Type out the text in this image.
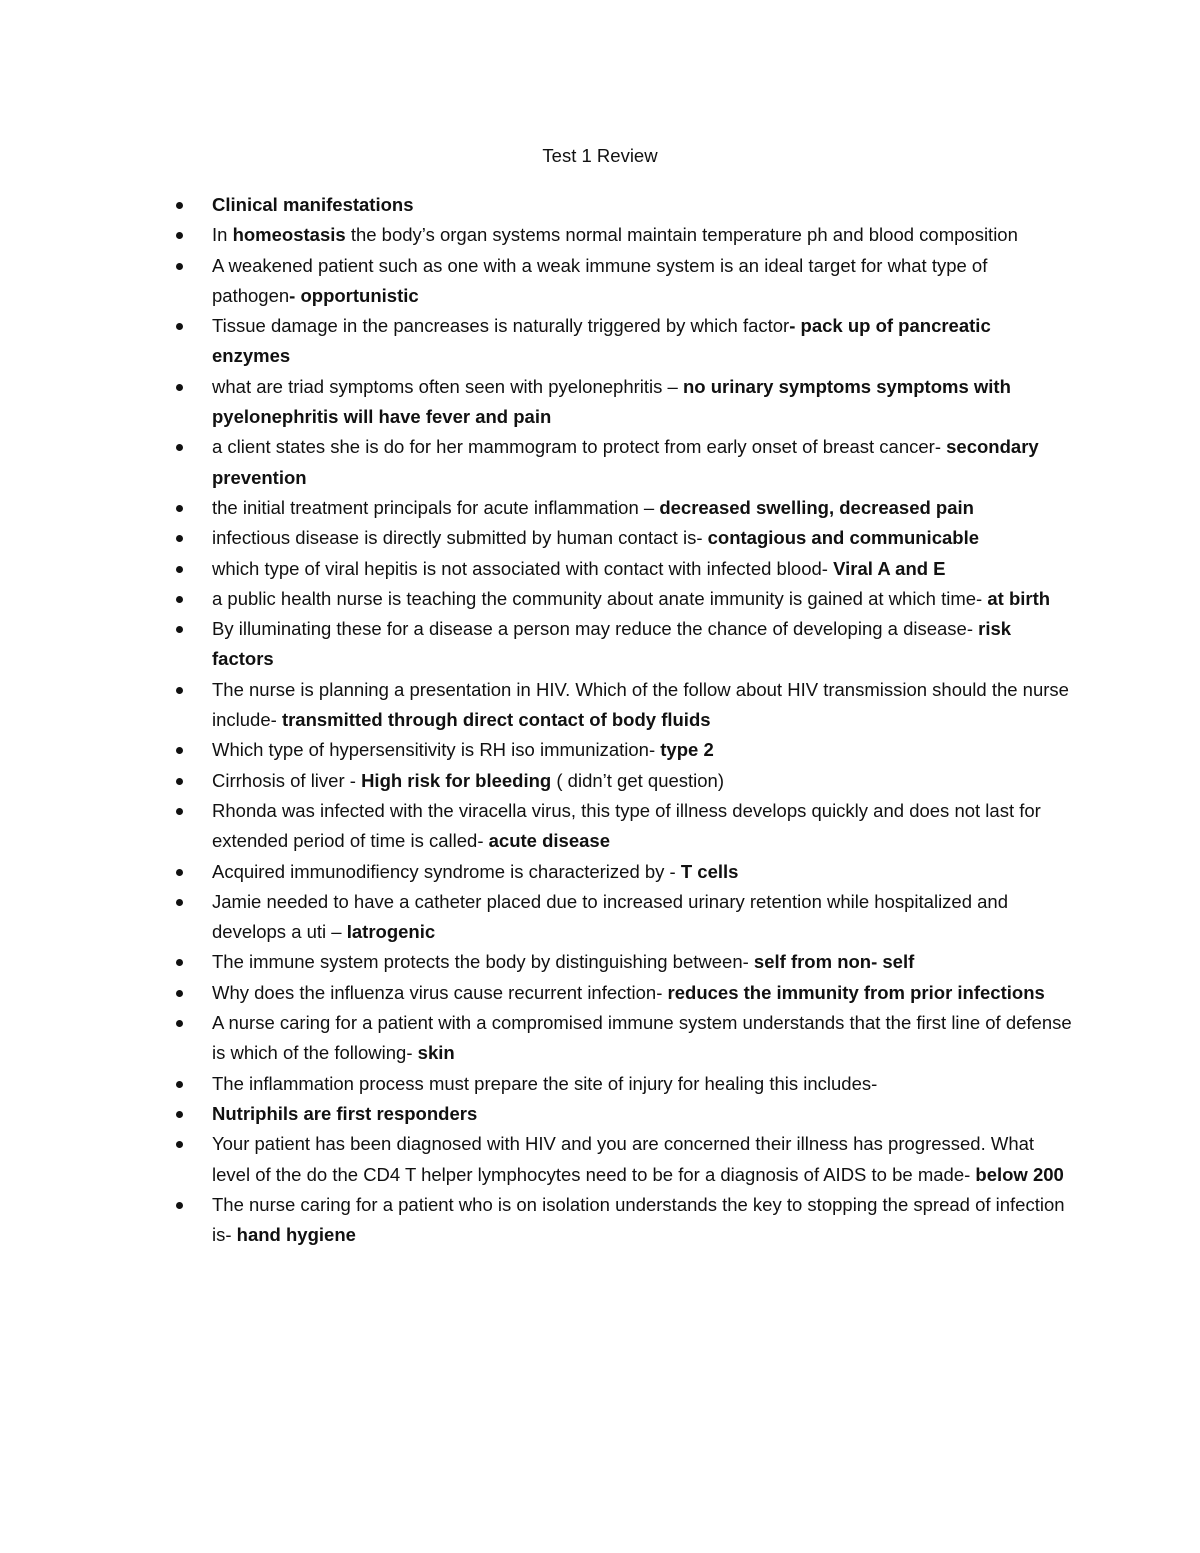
Test 1 Review
Clinical manifestations
In homeostasis the body’s organ systems normal maintain temperature ph and blood composition
A weakened patient such as one with a weak immune system is an ideal target for what type of pathogen- opportunistic
Tissue damage in the pancreases is naturally triggered by which factor- pack up of pancreatic enzymes
what are triad symptoms often seen with pyelonephritis – no urinary symptoms symptoms with pyelonephritis will have fever and pain
a client states she is do for her mammogram to protect from early onset of breast cancer- secondary prevention
the initial treatment principals for acute inflammation – decreased swelling, decreased pain
infectious disease is directly submitted by human contact is- contagious and communicable
which type of viral hepitis is not associated with contact with infected blood- Viral A and E
a public health nurse is teaching the community about anate immunity is gained at which time- at birth
By illuminating these for a disease a person may reduce the chance of developing a disease- risk factors
The nurse is planning a presentation in HIV. Which of the follow about HIV transmission should the nurse include- transmitted through direct contact of body fluids
Which type of hypersensitivity is RH iso immunization- type 2
Cirrhosis of liver - High risk for bleeding ( didn’t get question)
Rhonda was infected with the viracella virus, this type of illness develops quickly and does not last for extended period of time is called- acute disease
Acquired immunodifiency syndrome is characterized by - T cells
Jamie needed to have a catheter placed due to increased urinary retention while hospitalized and develops a uti – Iatrogenic
The immune system protects the body by distinguishing between- self from non- self
Why does the influenza virus cause recurrent infection- reduces the immunity from prior infections
A nurse caring for a patient with a compromised immune system understands that the first line of defense is which of the following- skin
The inflammation process must prepare the site of injury for healing this includes-
Nutriphils are first responders
Your patient has been diagnosed with HIV and you are concerned their illness has progressed. What level of the do the CD4 T helper lymphocytes need to be for a diagnosis of AIDS to be made- below 200
The nurse caring for a patient who is on isolation understands the key to stopping the spread of infection is- hand hygiene
